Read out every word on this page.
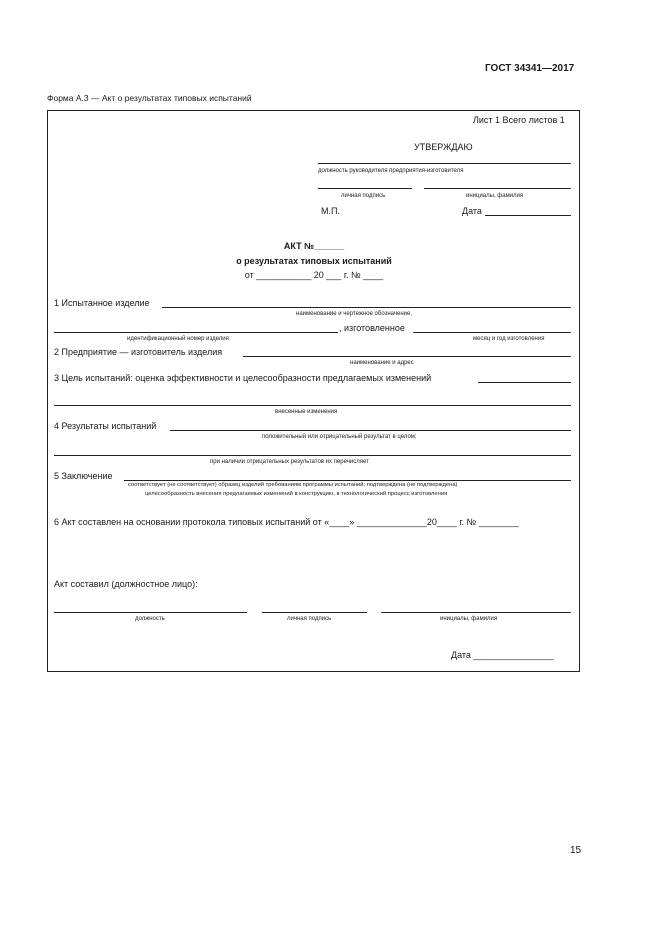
ГОСТ 34341—2017
Форма А.3 — Акт о результатах типовых испытаний
Лист 1 Всего листов 1
УТВЕРЖДАЮ
должность руководителя предприятия-изготовителя
личная подпись	инициалы, фамилия
М.П.	Дата
АКТ №______
о результатах типовых испытаний
от ___________ 20 ___ г. № ____
1 Испытанное изделие
наименование и чертежное обозначение,
, изготовленное
идентификационный номер изделия	месяц и год изготовления
2 Предприятие — изготовитель изделия
наименование и адрес
3 Цель испытаний: оценка эффективности и целесообразности предлагаемых изменений
внесенные изменения
4 Результаты испытаний
положительный или отрицательный результат в целом;
при наличии отрицательных результатов их перечисляет
5 Заключение
соответствует (не соответствует) образец изделий требованиям программы испытаний; подтверждена (не подтверждена)
целесообразность внесения предлагаемых изменений в конструкцию, в технологический процесс изготовления
6 Акт составлен на основании протокола типовых испытаний от «____» ______________20____ г. № ________
Акт составил (должностное лицо):
должность	личная подпись	инициалы, фамилия
Дата ________________
15
